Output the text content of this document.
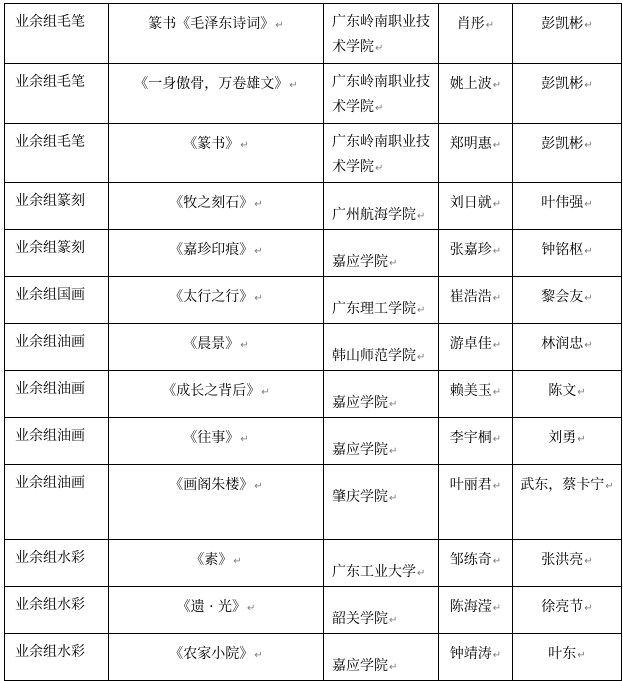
业余组毛笔	篆书《毛泽东诗词》↵	广东岭南职业技术学院↵	肖彤↵	彭凯彬↵
业余组毛笔	《一身傲骨，万卷雄文》↵	广东岭南职业技术学院↵	姚上波↵	彭凯彬↵
业余组毛笔	《篆书》↵	广东岭南职业技术学院↵	郑明惠↵	彭凯彬↵
业余组篆刻	《牧之刻石》↵	广州航海学院↵	刘日就↵	叶伟强↵
业余组篆刻	《嘉珍印痕》↵	嘉应学院↵	张嘉珍↵	钟铭枢↵
业余组国画	《太行之行》↵	广东理工学院↵	崔浩浩↵	黎会友↵
业余组油画	《晨景》↵	韩山师范学院↵	游卓佳↵	林润忠↵
业余组油画	《成长之背后》↵	嘉应学院↵	赖美玉↵	陈文↵
业余组油画	《往事》↵	嘉应学院↵	李宇桐↵	刘勇↵
业余组油画	《画阁朱楼》↵	肇庆学院↵	叶丽君↵	武东，蔡卡宁↵
业余组水彩	《素》↵	广东工业大学↵	邹练奇↵	张洪亮↵
业余组水彩	《遗 · 光》↵	韶关学院↵	陈海滢↵	徐亮节↵
业余组水彩	《农家小院》↵	嘉应学院↵	钟靖涛↵	叶东↵
